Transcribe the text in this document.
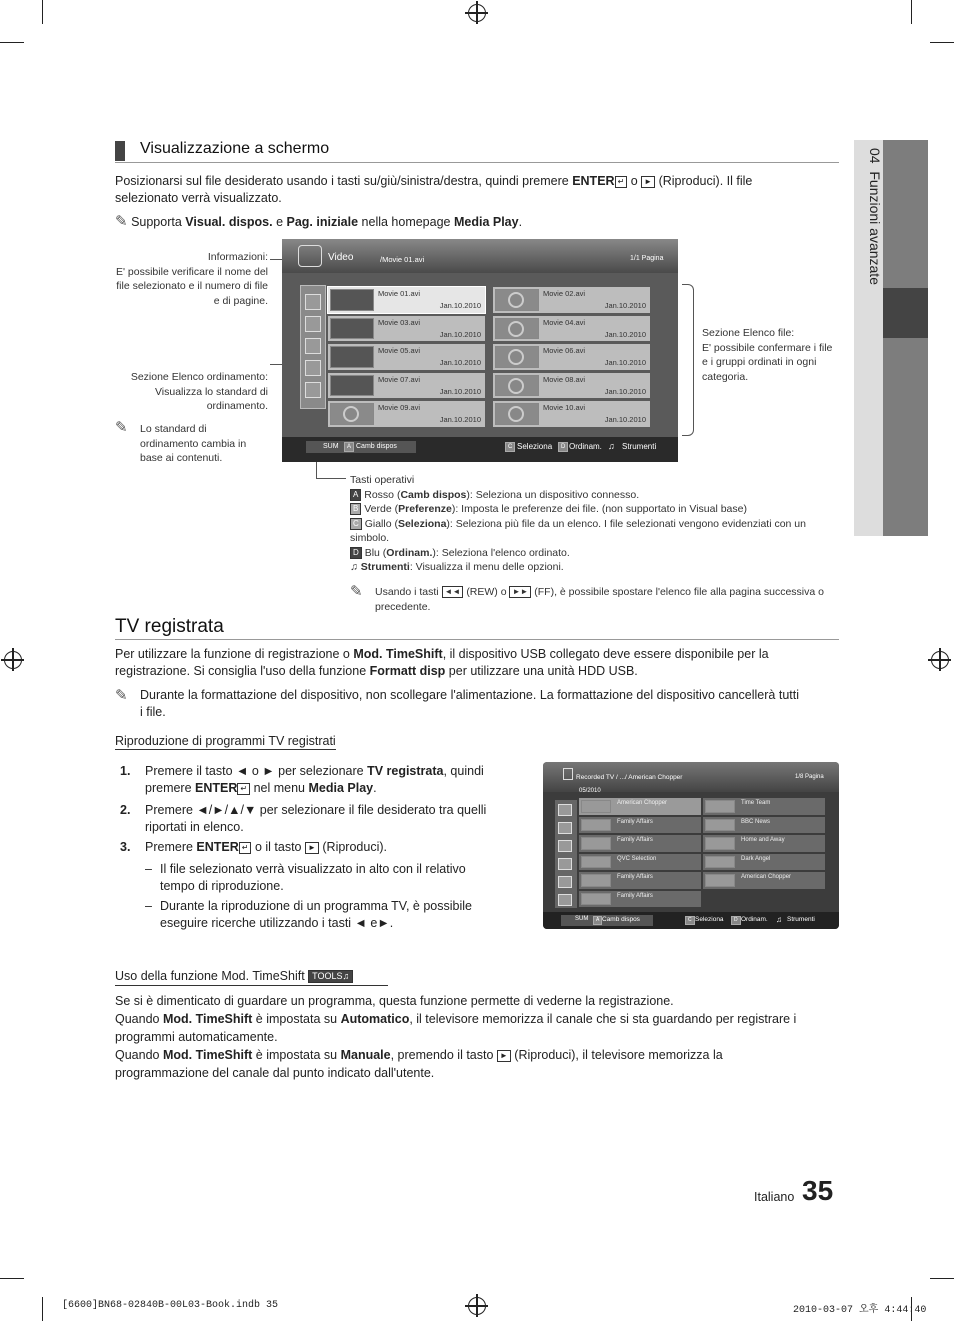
04  Funzioni avanzate
Visualizzazione a schermo

Posizionarsi sul file desiderato usando i tasti su/giù/sinistra/destra, quindi premere ENTER ↵ o ► (Riproduci). Il file
selezionato verrà visualizzato.

✎ Supporta Visual. dispos. e Pag. iniziale nella homepage Media Play.

Informazioni:
E' possibile verificare il nome del
file selezionato e il numero di file
e di pagine.
Sezione Elenco ordinamento:
Visualizza lo standard di
ordinamento.
✎ Lo standard di
ordinamento cambia in
base ai contenuti.
Sezione Elenco file:
E' possibile confermare i file
e i gruppi ordinati in ogni
categoria.
Video	/Movie 01.avi	1/1 Pagina
Movie 01.avi
Jan.10.2010
Movie 02.avi
Jan.10.2010
Movie 03.avi
Jan.10.2010
Movie 04.avi
Jan.10.2010
Movie 05.avi
Jan.10.2010
Movie 06.avi
Jan.10.2010
Movie 07.avi
Jan.10.2010
Movie 08.avi
Jan.10.2010
Movie 09.avi
Jan.10.2010
Movie 10.avi
Jan.10.2010
SUM	A Camb dispos	C Seleziona	D Ordinam. ♫ Strumenti
Tasti operativi
A Rosso (Camb dispos): Seleziona un dispositivo connesso.
B Verde (Preferenze): Imposta le preferenze dei file. (non supportato in Visual base)
C Giallo (Seleziona): Seleziona più file da un elenco. I file selezionati vengono evidenziati con un
simbolo.
D Blu (Ordinam.): Seleziona l'elenco ordinato.
♫ Strumenti: Visualizza il menu delle opzioni.
✎ Usando i tasti ◄◄ (REW) o ►► (FF), è possibile spostare l'elenco file alla pagina successiva o
precedente.
TV registrata

Per utilizzare la funzione di registrazione o Mod. TimeShift, il dispositivo USB collegato deve essere disponibile per la
registrazione. Si consiglia l'uso della funzione Formatt disp per utilizzare una unità HDD USB.

✎ Durante la formattazione del dispositivo, non scollegare l'alimentazione. La formattazione del dispositivo cancellerà tutti
i file.

Riproduzione di programmi TV registrati
1. Premere il tasto ◄ o ► per selezionare TV registrata, quindi
premere ENTER ↵ nel menu Media Play.
2. Premere ◄/►/▲/▼ per selezionare il file desiderato tra quelli
riportati in elenco.
3. Premere ENTER ↵ o il tasto ► (Riproduci).
– Il file selezionato verrà visualizzato in alto con il relativo
tempo di riproduzione.
– Durante la riproduzione di un programma TV, è possibile
eseguire ricerche utilizzando i tasti ◄ e►.
Recorded TV / .../ American Chopper	1/8 Pagina
05/2010
American Chopper
Family Affairs
Family Affairs
QVC Selection
Family Affairs
Family Affairs
Time Team
BBC News
Home and Away
Dark Angel
American Chopper
SUM	A Camb dispos	C Seleziona	D Ordinam. ♫ Strumenti
Uso della funzione Mod. TimeShift TOOLS♫

Se si è dimenticato di guardare un programma, questa funzione permette di vederne la registrazione.
Quando Mod. TimeShift è impostata su Automatico, il televisore memorizza il canale che si sta guardando per registrare i
programmi automaticamente.
Quando Mod. TimeShift è impostata su Manuale, premendo il tasto ► (Riproduci), il televisore memorizza la
programmazione del canale dal punto indicato dall'utente.

Italiano 35
[6600]BN68-02840B-00L03-Book.indb 35	2010-03-07 오후 4:44:40
